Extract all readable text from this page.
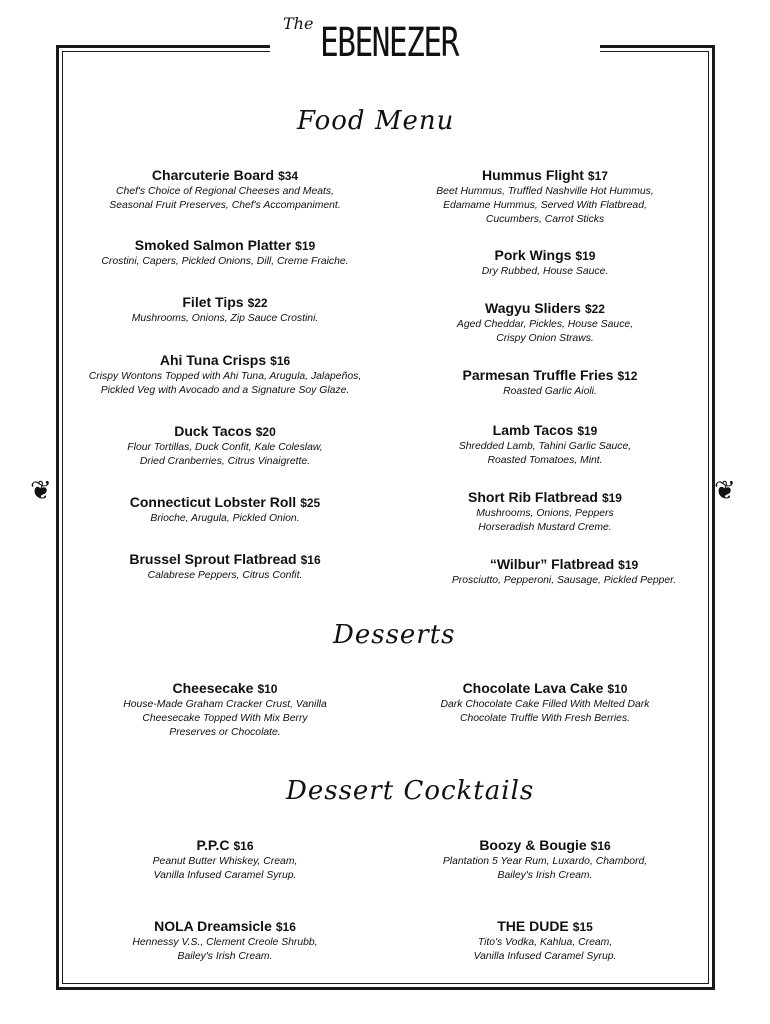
The EBENEZER
Food Menu
Desserts
Dessert Cocktails
❦	❦
Charcuterie Board $34
Chef's Choice of Regional Cheeses and Meats,
Seasonal Fruit Preserves, Chef's Accompaniment.
Smoked Salmon Platter $19
Crostini, Capers, Pickled Onions, Dill, Creme Fraiche.
Filet Tips $22
Mushrooms, Onions, Zip Sauce Crostini.
Ahi Tuna Crisps $16
Crispy Wontons Topped with Ahi Tuna, Arugula, Jalapeños,
Pickled Veg with Avocado and a Signature Soy Glaze.
Duck Tacos $20
Flour Tortillas, Duck Confit, Kale Coleslaw,
Dried Cranberries, Citrus Vinaigrette.
Connecticut Lobster Roll $25
Brioche, Arugula, Pickled Onion.
Brussel Sprout Flatbread $16
Calabrese Peppers, Citrus Confit.
Hummus Flight $17
Beet Hummus, Truffled Nashville Hot Hummus,
Edamame Hummus, Served With Flatbread,
Cucumbers, Carrot Sticks
Pork Wings $19
Dry Rubbed, House Sauce.
Wagyu Sliders $22
Aged Cheddar, Pickles, House Sauce,
Crispy Onion Straws.
Parmesan Truffle Fries $12
Roasted Garlic Aioli.
Lamb Tacos $19
Shredded Lamb, Tahini Garlic Sauce,
Roasted Tomatoes, Mint.
Short Rib Flatbread $19
Mushrooms, Onions, Peppers
Horseradish Mustard Creme.
“Wilbur” Flatbread $19
Prosciutto, Pepperoni, Sausage, Pickled Pepper.
Cheesecake $10
House-Made Graham Cracker Crust, Vanilla
Cheesecake Topped With Mix Berry
Preserves or Chocolate.
Chocolate Lava Cake $10
Dark Chocolate Cake Filled With Melted Dark
Chocolate Truffle With Fresh Berries.
P.P.C $16
Peanut Butter Whiskey, Cream,
Vanilla Infused Caramel Syrup.
Boozy & Bougie $16
Plantation 5 Year Rum, Luxardo, Chambord,
Bailey's Irish Cream.
NOLA Dreamsicle $16
Hennessy V.S., Clement Creole Shrubb,
Bailey's Irish Cream.
THE DUDE $15
Tito's Vodka, Kahlua, Cream,
Vanilla Infused Caramel Syrup.
